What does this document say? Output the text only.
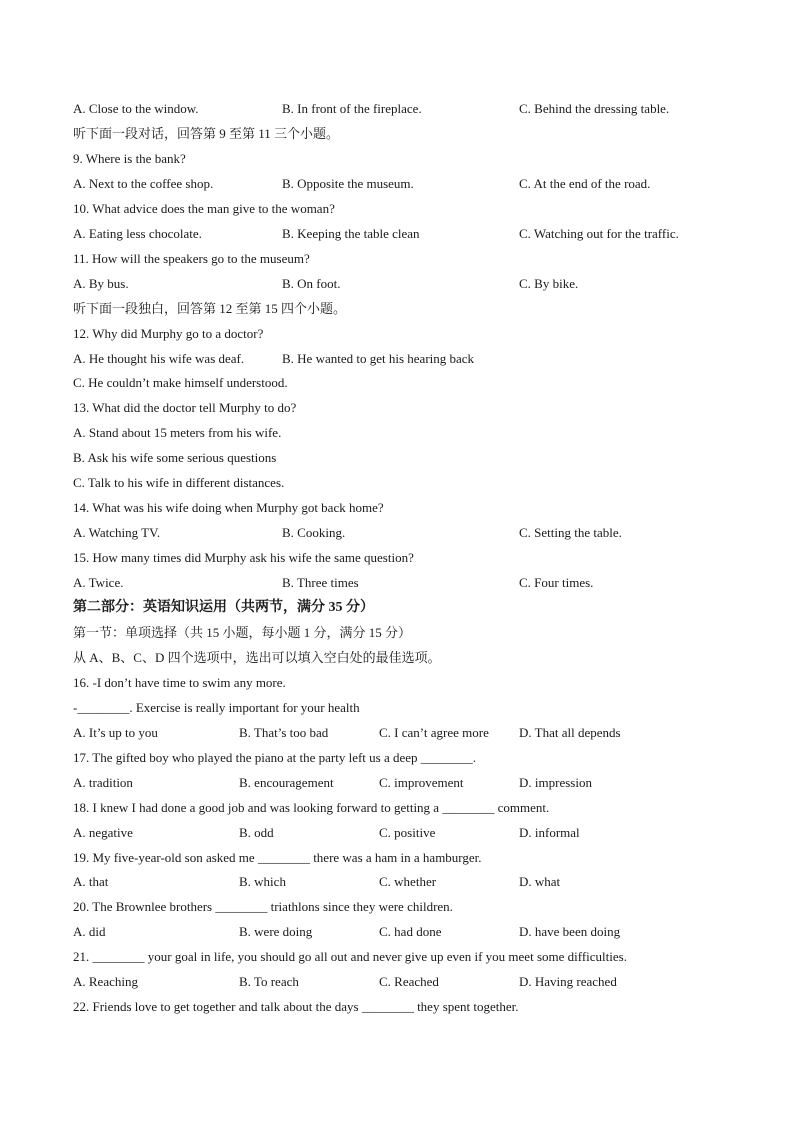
A. Close to the window.	B. In front of the fireplace.	C. Behind the dressing table.
听下面一段对话，回答第 9 至第 11 三个小题。
9. Where is the bank?
A. Next to the coffee shop.	B. Opposite the museum.	C. At the end of the road.
10. What advice does the man give to the woman?
A. Eating less chocolate.	B. Keeping the table clean	C. Watching out for the traffic.
11. How will the speakers go to the museum?
A. By bus.	B. On foot.	C. By bike.
听下面一段独白，回答第 12 至第 15 四个小题。
12. Why did Murphy go to a doctor?
A. He thought his wife was deaf.	B. He wanted to get his hearing back
C. He couldn’t make himself understood.
13. What did the doctor tell Murphy to do?
A. Stand about 15 meters from his wife.
B. Ask his wife some serious questions
C. Talk to his wife in different distances.
14. What was his wife doing when Murphy got back home?
A. Watching TV.	B. Cooking.	C. Setting the table.
15. How many times did Murphy ask his wife the same question?
A. Twice.	B. Three times	C. Four times.
第二部分：英语知识运用（共两节，满分 35 分）
第一节：单项选择（共 15 小题，每小题 1 分，满分 15 分）
从 A、B、C、D 四个选项中，选出可以填入空白处的最佳选项。
16. -I don’t have time to swim any more.
-________. Exercise is really important for your health
A. It’s up to you	B. That’s too bad	C. I can’t agree more D. That all depends
17. The gifted boy who played the piano at the party left us a deep ________.
A. tradition	B. encouragement	C. improvement	D. impression
18. I knew I had done a good job and was looking forward to getting a ________ comment.
A. negative	B. odd	C. positive	D. informal
19. My five-year-old son asked me ________ there was a ham in a hamburger.
A. that	B. which	C. whether	D. what
20. The Brownlee brothers ________ triathlons since they were children.
A. did	B. were doing	C. had done	D. have been doing
21. ________ your goal in life, you should go all out and never give up even if you meet some difficulties.
A. Reaching	B. To reach	C. Reached	D. Having reached
22. Friends love to get together and talk about the days ________ they spent together.
